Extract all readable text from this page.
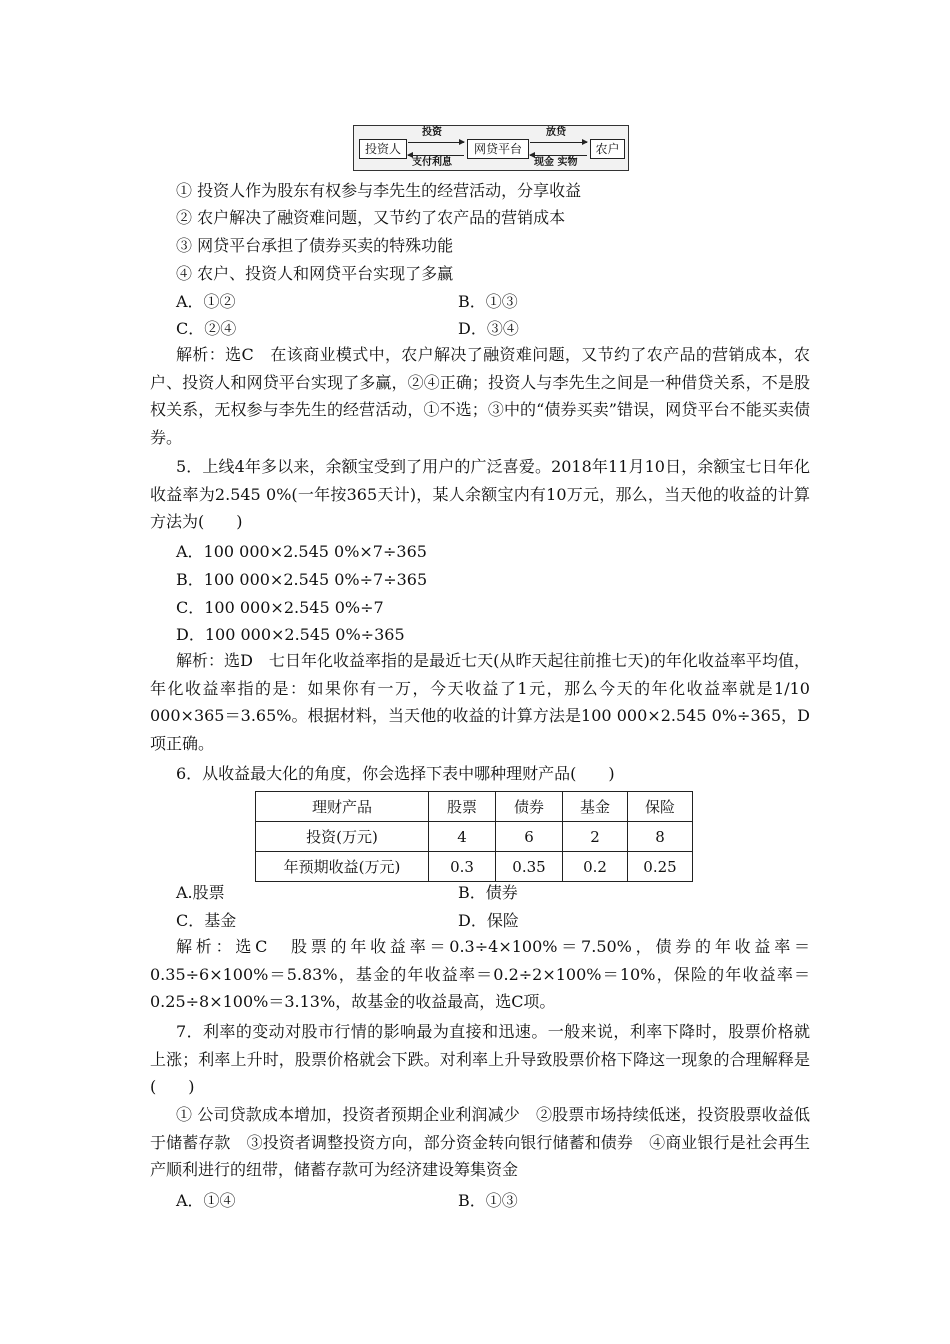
投资人	网贷平台	农户
投资
支付利息
放贷
现金 实物
① 投资人作为股东有权参与李先生的经营活动，分享收益
② 农户解决了融资难问题，又节约了农产品的营销成本
③ 网贷平台承担了债券买卖的特殊功能
④ 农户、投资人和网贷平台实现了多赢
A．①②	B．①③
C．②④	D．③④
解析：选C　在该商业模式中，农户解决了融资难问题，又节约了农产品的营销成本，农户、投资人和网贷平台实现了多赢，②④正确；投资人与李先生之间是一种借贷关系，不是股权关系，无权参与李先生的经营活动，①不选；③中的“债券买卖”错误，网贷平台不能买卖债券。
5．上线4年多以来，余额宝受到了用户的广泛喜爱。2018年11月10日，余额宝七日年化收益率为2.545 0%(一年按365天计)，某人余额宝内有10万元，那么，当天他的收益的计算方法为(　　)
A．100 000×2.545 0%×7÷365
B．100 000×2.545 0%÷7÷365
C．100 000×2.545 0%÷7
D．100 000×2.545 0%÷365
解析：选D　七日年化收益率指的是最近七天(从昨天起往前推七天)的年化收益率平均值，年化收益率指的是：如果你有一万，今天收益了1元，那么今天的年化收益率就是1/10 000×365＝3.65%。根据材料，当天他的收益的计算方法是100 000×2.545 0%÷365，D项正确。
6．从收益最大化的角度，你会选择下表中哪种理财产品(　　)
理财产品	股票	债券	基金	保险
投资(万元)	4	6	2	8
年预期收益(万元)	0.3	0.35	0.2	0.25
A.股票	B．债券
C．基金	D．保险
解析：选C　股票的年收益率＝0.3÷4×100%＝7.50%，债券的年收益率＝0.35÷6×100%＝5.83%，基金的年收益率＝0.2÷2×100%＝10%，保险的年收益率＝0.25÷8×100%＝3.13%，故基金的收益最高，选C项。
7．利率的变动对股市行情的影响最为直接和迅速。一般来说，利率下降时，股票价格就上涨；利率上升时，股票价格就会下跌。对利率上升导致股票价格下降这一现象的合理解释是(　　)
① 公司贷款成本增加，投资者预期企业利润减少　②股票市场持续低迷，投资股票收益低于储蓄存款　③投资者调整投资方向，部分资金转向银行储蓄和债券　④商业银行是社会再生产顺利进行的纽带，储蓄存款可为经济建设筹集资金
A．①④	B．①③
